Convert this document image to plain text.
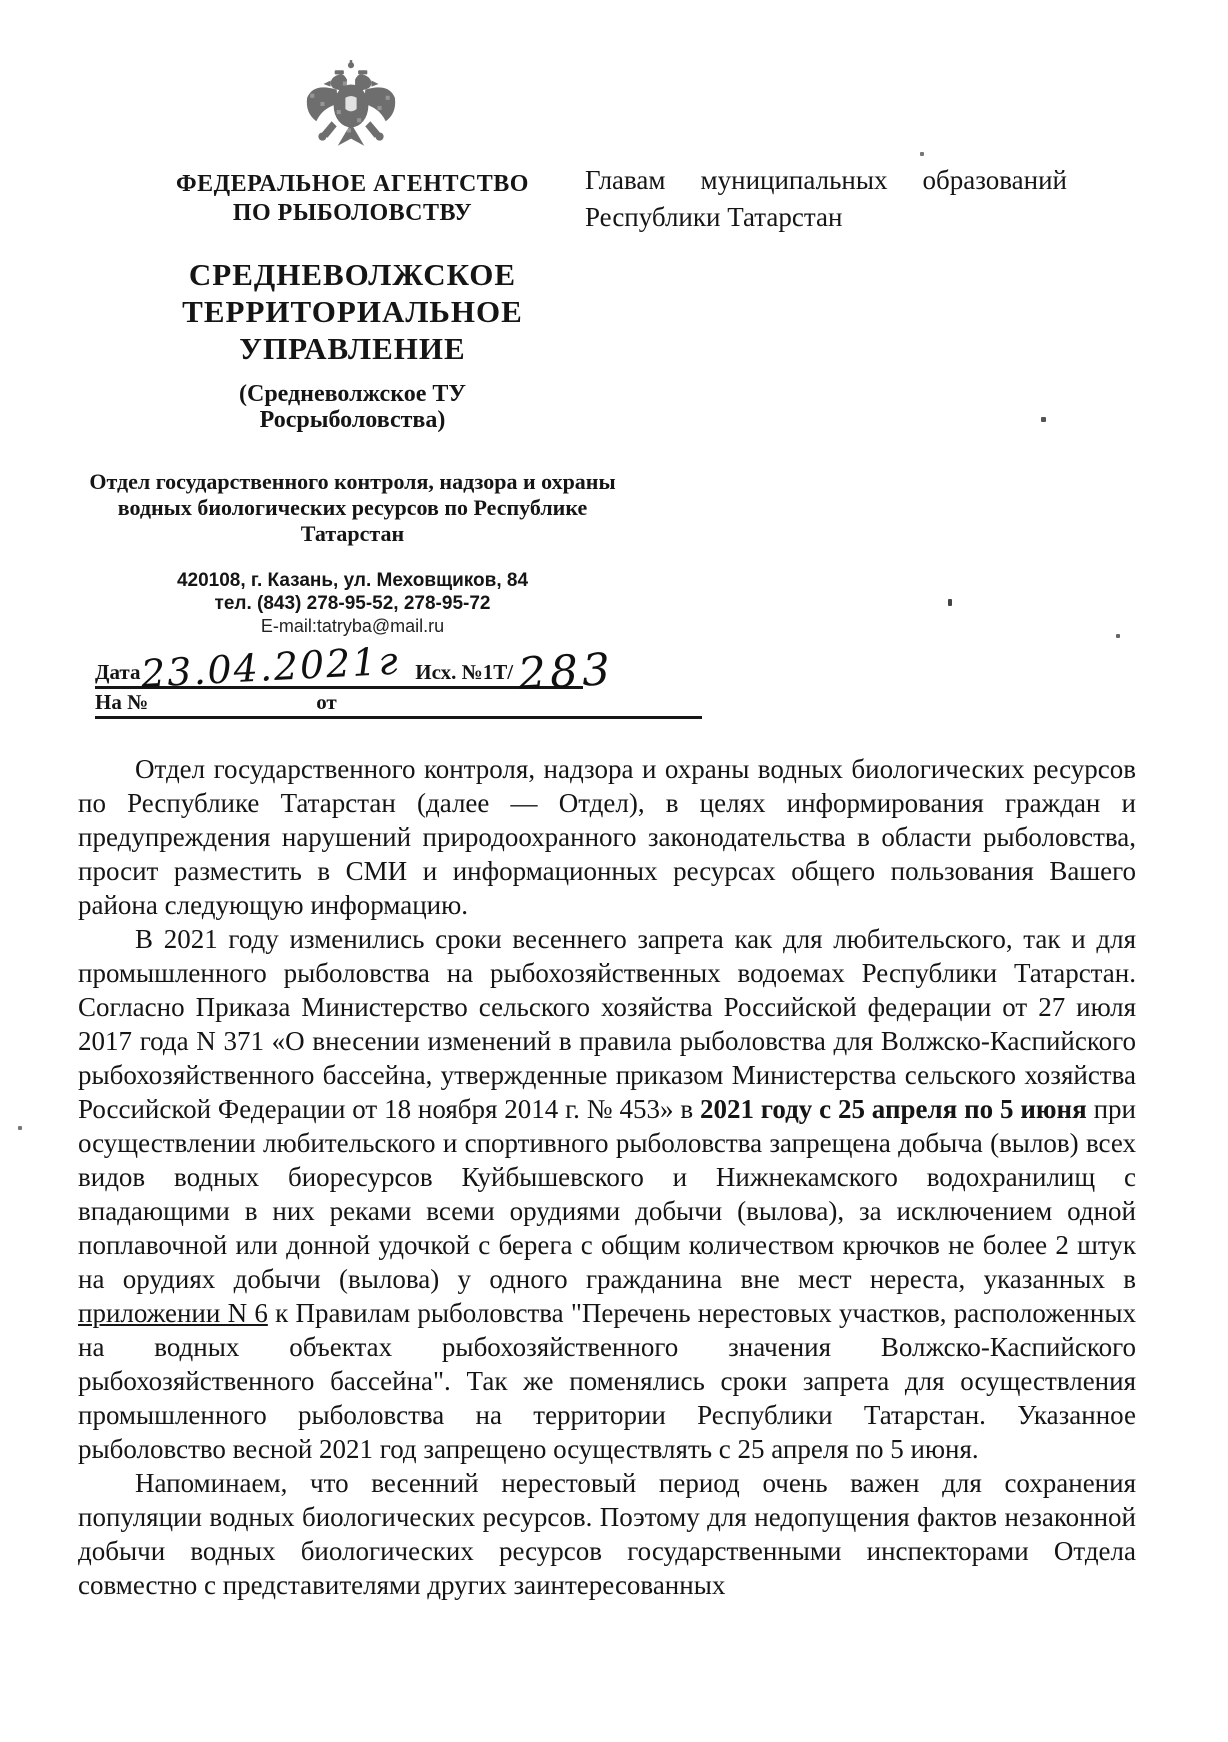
ФЕДЕРАЛЬНОЕ АГЕНТСТВО
ПО РЫБОЛОВСТВУ
СРЕДНЕВОЛЖСКОЕ
ТЕРРИТОРИАЛЬНОЕ
УПРАВЛЕНИЕ
(Средневолжское ТУ
Росрыболовства)
Отдел государственного контроля, надзора и охраны водных биологических ресурсов по Республике Татарстан
420108, г. Казань, ул. Меховщиков, 84
тел. (843) 278-95-52, 278-95-72
E-mail:tatryba@mail.ru
Главам муниципальных образований Республики Татарстан
Дата 23.04.2021г Исх. №1Т/ 283
На №	от

Отдел государственного контроля, надзора и охраны водных биологических ресурсов по Республике Татарстан (далее — Отдел), в целях информирования граждан и предупреждения нарушений природоохранного законодательства в области рыболовства, просит разместить в СМИ и информационных ресурсах общего пользования Вашего района следующую информацию.

В 2021 году изменились сроки весеннего запрета как для любительского, так и для промышленного рыболовства на рыбохозяйственных водоемах Республики Татарстан. Согласно Приказа Министерство сельского хозяйства Российской федерации от 27 июля 2017 года N 371 «О внесении изменений в правила рыболовства для Волжско-Каспийского рыбохозяйственного бассейна, утвержденные приказом Министерства сельского хозяйства Российской Федерации от 18 ноября 2014 г. № 453» в 2021 году с 25 апреля по 5 июня при осуществлении любительского и спортивного рыболовства запрещена добыча (вылов) всех видов водных биоресурсов Куйбышевского и Нижнекамского водохранилищ с впадающими в них реками всеми орудиями добычи (вылова), за исключением одной поплавочной или донной удочкой с берега с общим количеством крючков не более 2 штук на орудиях добычи (вылова) у одного гражданина вне мест нереста, указанных в приложении N 6 к Правилам рыболовства "Перечень нерестовых участков, расположенных на водных объектах рыбохозяйственного значения Волжско-Каспийского рыбохозяйственного бассейна". Так же поменялись сроки запрета для осуществления промышленного рыболовства на территории Республики Татарстан. Указанное рыболовство весной 2021 год запрещено осуществлять с 25 апреля по 5 июня.

Напоминаем, что весенний нерестовый период очень важен для сохранения популяции водных биологических ресурсов. Поэтому для недопущения фактов незаконной добычи водных биологических ресурсов государственными инспекторами Отдела совместно с представителями других заинтересованных
